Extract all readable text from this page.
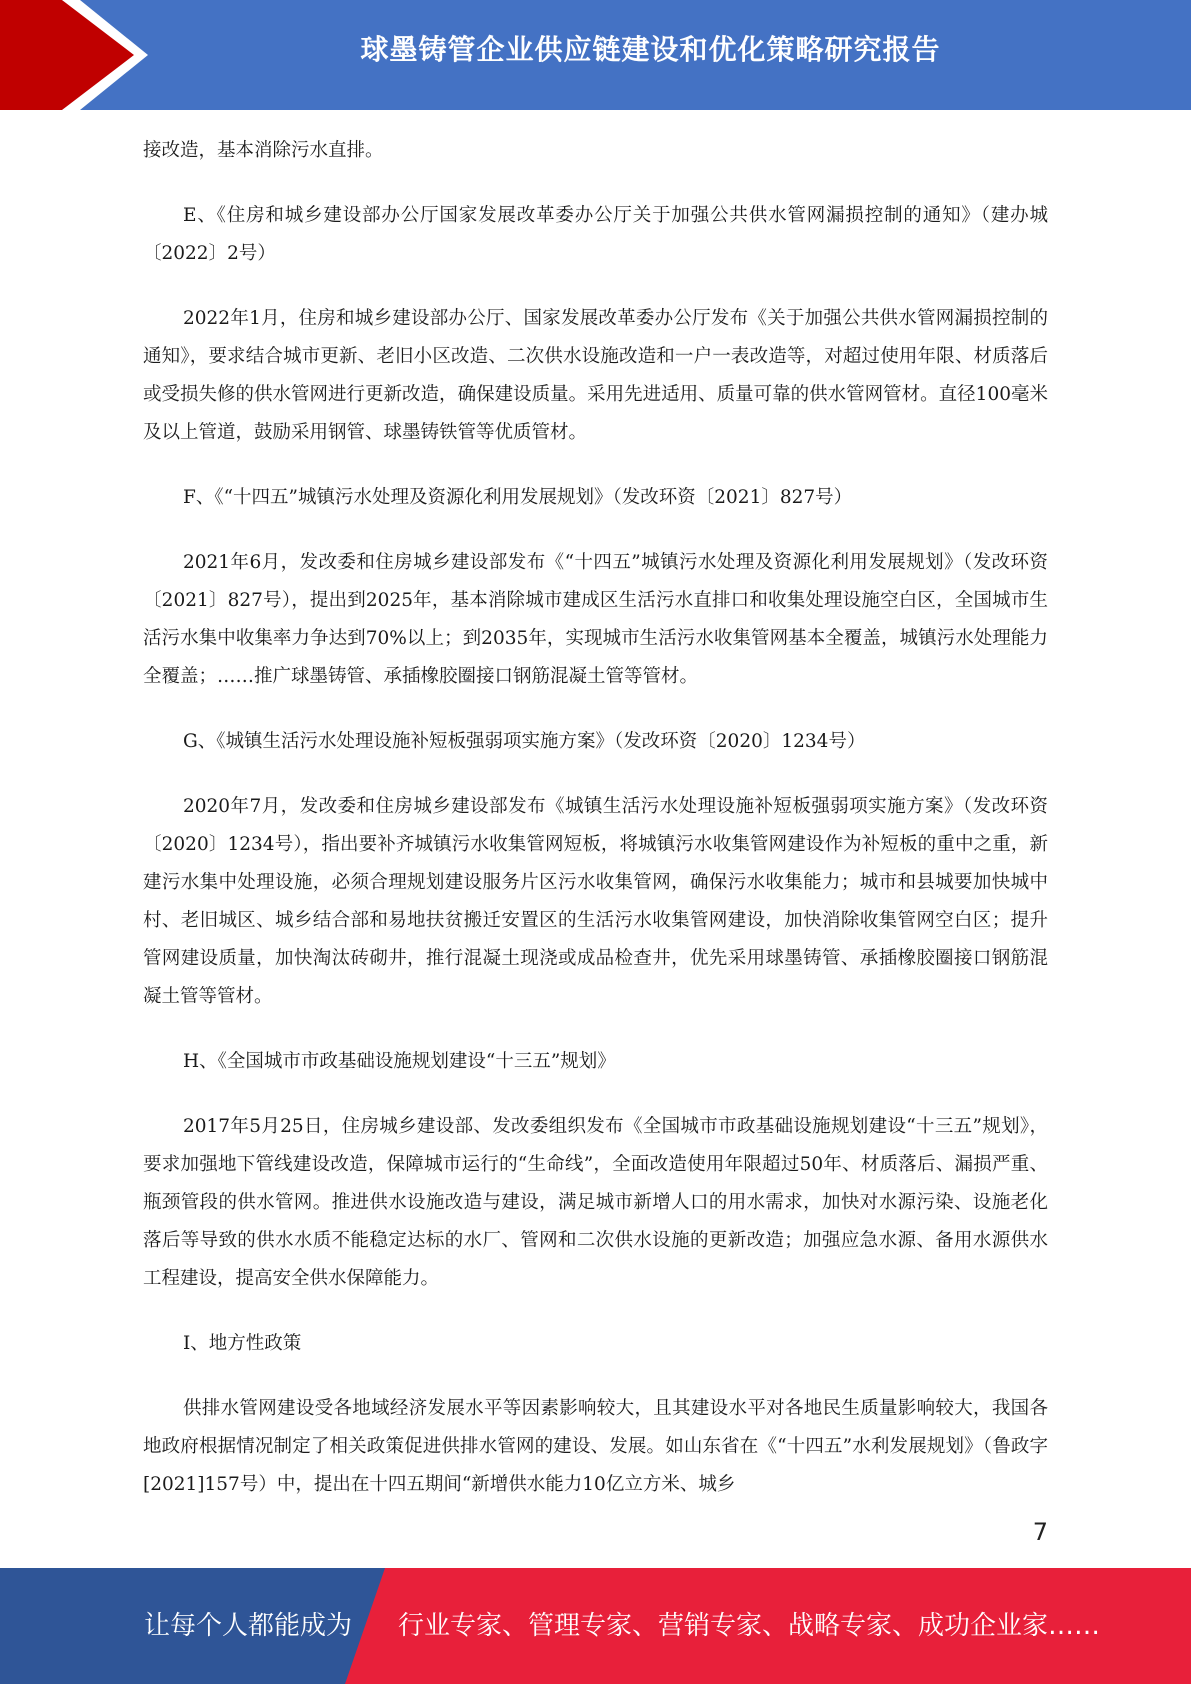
球墨铸管企业供应链建设和优化策略研究报告

接改造，基本消除污水直排。

E、《住房和城乡建设部办公厅国家发展改革委办公厅关于加强公共供水管网漏损控制的通知》（建办城〔2022〕2号）

2022年1月，住房和城乡建设部办公厅、国家发展改革委办公厅发布《关于加强公共供水管网漏损控制的通知》，要求结合城市更新、老旧小区改造、二次供水设施改造和一户一表改造等，对超过使用年限、材质落后或受损失修的供水管网进行更新改造，确保建设质量。采用先进适用、质量可靠的供水管网管材。直径100毫米及以上管道，鼓励采用钢管、球墨铸铁管等优质管材。

F、《“十四五”城镇污水处理及资源化利用发展规划》（发改环资〔2021〕827号）

2021年6月，发改委和住房城乡建设部发布《“十四五”城镇污水处理及资源化利用发展规划》（发改环资〔2021〕827号），提出到2025年，基本消除城市建成区生活污水直排口和收集处理设施空白区，全国城市生活污水集中收集率力争达到70%以上；到2035年，实现城市生活污水收集管网基本全覆盖，城镇污水处理能力全覆盖；……推广球墨铸管、承插橡胶圈接口钢筋混凝土管等管材。

G、《城镇生活污水处理设施补短板强弱项实施方案》（发改环资〔2020〕1234号）

2020年7月，发改委和住房城乡建设部发布《城镇生活污水处理设施补短板强弱项实施方案》（发改环资〔2020〕1234号），指出要补齐城镇污水收集管网短板，将城镇污水收集管网建设作为补短板的重中之重，新建污水集中处理设施，必须合理规划建设服务片区污水收集管网，确保污水收集能力；城市和县城要加快城中村、老旧城区、城乡结合部和易地扶贫搬迁安置区的生活污水收集管网建设，加快消除收集管网空白区；提升管网建设质量，加快淘汰砖砌井，推行混凝土现浇或成品检查井，优先采用球墨铸管、承插橡胶圈接口钢筋混凝土管等管材。

H、《全国城市市政基础设施规划建设“十三五”规划》

2017年5月25日，住房城乡建设部、发改委组织发布《全国城市市政基础设施规划建设“十三五”规划》，要求加强地下管线建设改造，保障城市运行的“生命线”，全面改造使用年限超过50年、材质落后、漏损严重、瓶颈管段的供水管网。推进供水设施改造与建设，满足城市新增人口的用水需求，加快对水源污染、设施老化落后等导致的供水水质不能稳定达标的水厂、管网和二次供水设施的更新改造；加强应急水源、备用水源供水工程建设，提高安全供水保障能力。

I、地方性政策

供排水管网建设受各地域经济发展水平等因素影响较大，且其建设水平对各地民生质量影响较大，我国各地政府根据情况制定了相关政策促进供排水管网的建设、发展。如山东省在《“十四五”水利发展规划》（鲁政字[2021]157号）中，提出在十四五期间“新增供水能力10亿立方米、城乡

7
让每个人都能成为 行业专家、管理专家、营销专家、战略专家、成功企业家……
